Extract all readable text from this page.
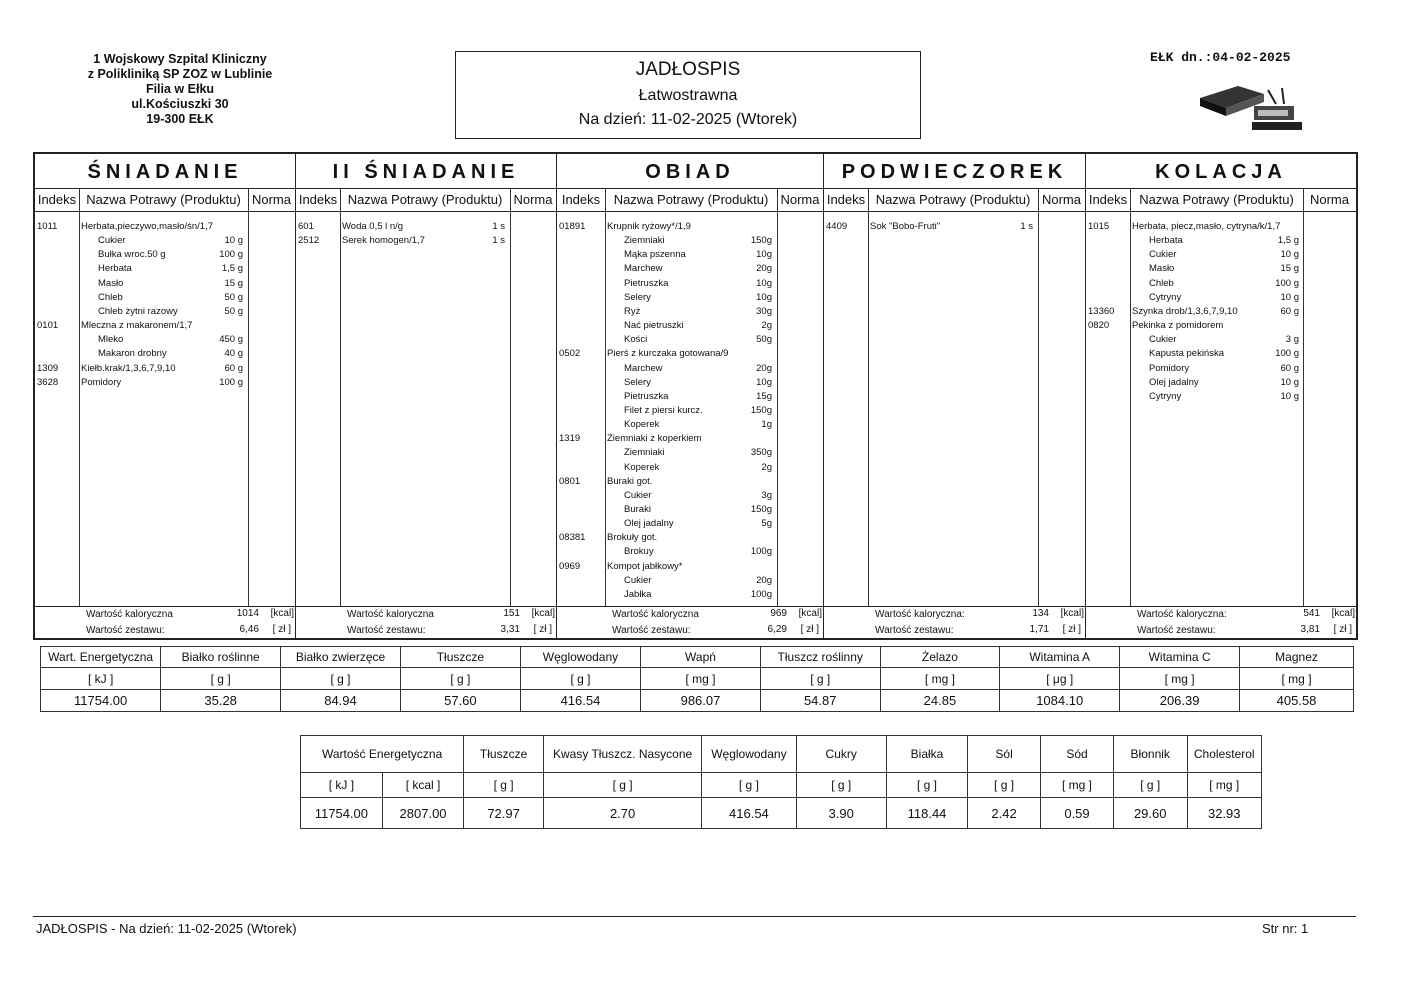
1 Wojskowy Szpital Kliniczny
z Polikliniką SP ZOZ w Lublinie
Filia w Ełku
ul.Kościuszki 30
19-300 EŁK
JADŁOSPIS
Łatwostrawna
Na dzień: 11-02-2025 (Wtorek)
EŁK dn.:04-02-2025
ŚNIADANIE
Indeks Nazwa Potrawy (Produktu) Norma
1011 Herbata,pieczywo,masło/śn/1,7
Cukier	10 g
Bułka wroc.50 g	100 g
Herbata	1,5 g
Masło	15 g
Chleb	50 g
Chleb żytni razowy	50 g
0101 Mleczna z makaronem/1,7
Mleko	450 g
Makaron drobny	40 g
1309 Kiełb.krak/1,3,6,7,9,10	60 g
3628 Pomidory	100 g
Wartość kaloryczna	1014 [kcal]
Wartość zestawu:	6,46 [ zł ]
II ŚNIADANIE
Indeks Nazwa Potrawy (Produktu) Norma
601	Woda 0,5 l n/g	1 s
2512 Serek homogen/1,7	1 s
Wartość kaloryczna	151 [kcal]
Wartość zestawu:	3,31 [ zł ]
OBIAD
Indeks	Nazwa Potrawy (Produktu) Norma
01891 Krupnik ryżowy*/1,9
Ziemniaki	150g
Mąka pszenna	10g
Marchew	20g
Pietruszka	10g
Selery	10g
Ryż	30g
Nać pietruszki	2g
Kości	50g
0502	Pierś z kurczaka gotowana/9
Marchew	20g
Selery	10g
Pietruszka	15g
Filet z piersi kurcz.	150g
Koperek	1g
1319	Ziemniaki z koperkiem
Ziemniaki	350g
Koperek	2g
0801	Buraki got.
Cukier	3g
Buraki	150g
Olej jadalny	5g
08381 Brokuły got.
Brokuy	100g
0969	Kompot jabłkowy*
Cukier	20g
Jabłka	100g
Wartość kaloryczna	969 [kcal]
Wartość zestawu:	6,29 [ zł ]
PODWIECZOREK
Indeks Nazwa Potrawy (Produktu) Norma
4409 Sok "Bobo-Fruti"	1 s
Wartość kaloryczna:	134 [kcal]
Wartość zestawu:	1,71 [ zł ]
KOLACJA
Indeks Nazwa Potrawy (Produktu)	Norma
1015 Herbata, piecz,masło, cytryna/k/1,7
Herbata	1,5 g
Cukier	10 g
Masło	15 g
Chleb	100 g
Cytryny	10 g
13360 Szynka drob/1,3,6,7,9,10	60 g
0820 Pekinka z pomidorem
Cukier	3 g
Kapusta pekińska	100 g
Pomidory	60 g
Olej jadalny	10 g
Cytryny	10 g
Wartość kaloryczna:	541 [kcal]
Wartość zestawu:	3,81 [ zł ]
Wart. Energetyczna	Białko roślinne	Białko zwierzęce	Tłuszcze	Węglowodany	Wapń	Tłuszcz roślinny	Żelazo	Witamina A	Witamina C	Magnez
[ kJ ]	[ g ]	[ g ]	[ g ]	[ g ]	[ mg ]	[ g ]	[ mg ]	[ μg ]	[ mg ]	[ mg ]
11754.00	35.28	84.94	57.60	416.54	986.07	54.87	24.85	1084.10	206.39	405.58
Wartość Energetyczna		Tłuszcze	Kwasy Tłuszcz. Nasycone	Węglowodany	Cukry	Białka	Sól	Sód	Błonnik	Cholesterol
[ kJ ]	[ kcal ]	[ g ]	[ g ]	[ g ]	[ g ]	[ g ]	[ g ]	[ mg ]	[ g ]	[ mg ]
11754.00	2807.00	72.97	2.70	416.54	3.90	118.44	2.42	0.59	29.60	32.93
JADŁOSPIS - Na dzień: 11-02-2025 (Wtorek)	Str nr: 1
